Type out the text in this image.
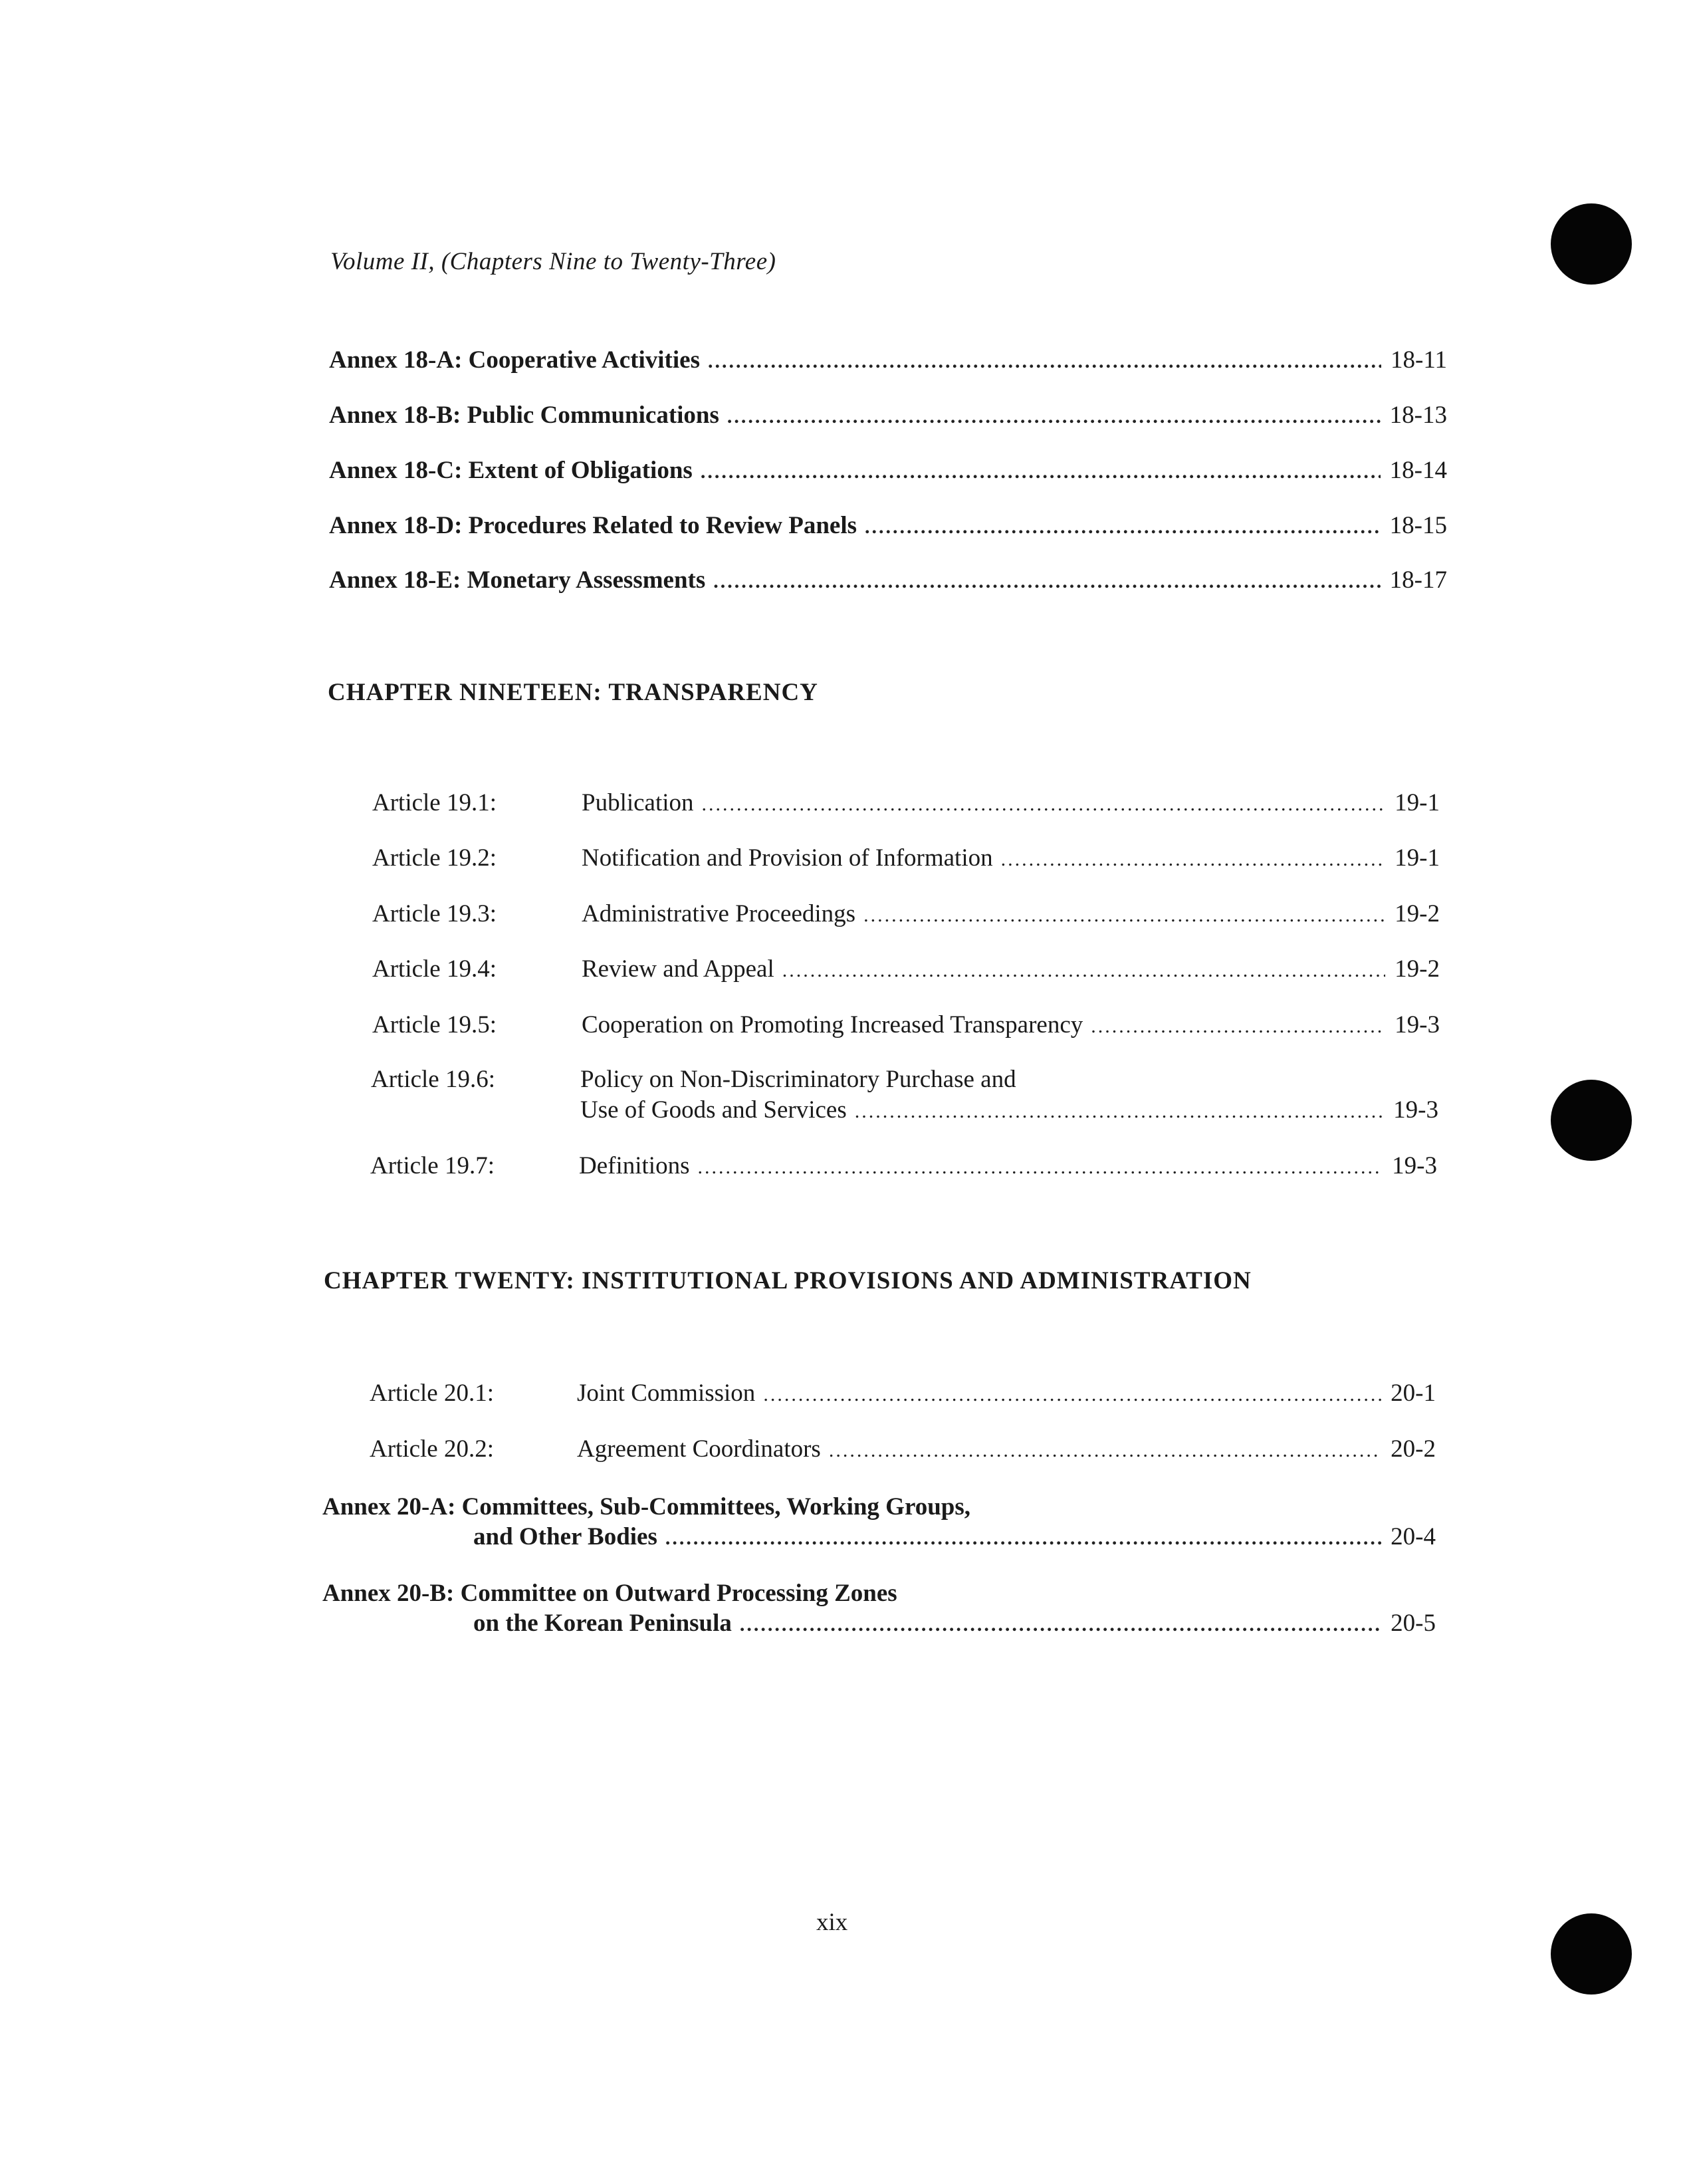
Volume II, (Chapters Nine to Twenty-Three)
Annex 18-A: Cooperative Activities .....	18-11
Annex 18-B: Public Communications .....	18-13
Annex 18-C: Extent of Obligations .....	18-14
Annex 18-D: Procedures Related to Review Panels .....	18-15
Annex 18-E: Monetary Assessments .....	18-17
CHAPTER NINETEEN: TRANSPARENCY
Article 19.1:	Publication .....	19-1
Article 19.2:	Notification and Provision of Information .....	19-1
Article 19.3:	Administrative Proceedings .....	19-2
Article 19.4:	Review and Appeal .....	19-2
Article 19.5:	Cooperation on Promoting Increased Transparency .....	19-3
Article 19.6:	Policy on Non-Discriminatory Purchase and
Use of Goods and Services .....	19-3
Article 19.7:	Definitions .....	19-3
CHAPTER TWENTY: INSTITUTIONAL PROVISIONS AND ADMINISTRATION
Article 20.1:	Joint Commission .....	20-1
Article 20.2:	Agreement Coordinators .....	20-2
Annex 20-A: Committees, Sub-Committees, Working Groups,
and Other Bodies .....	20-4
Annex 20-B: Committee on Outward Processing Zones
on the Korean Peninsula .....	20-5
xix
